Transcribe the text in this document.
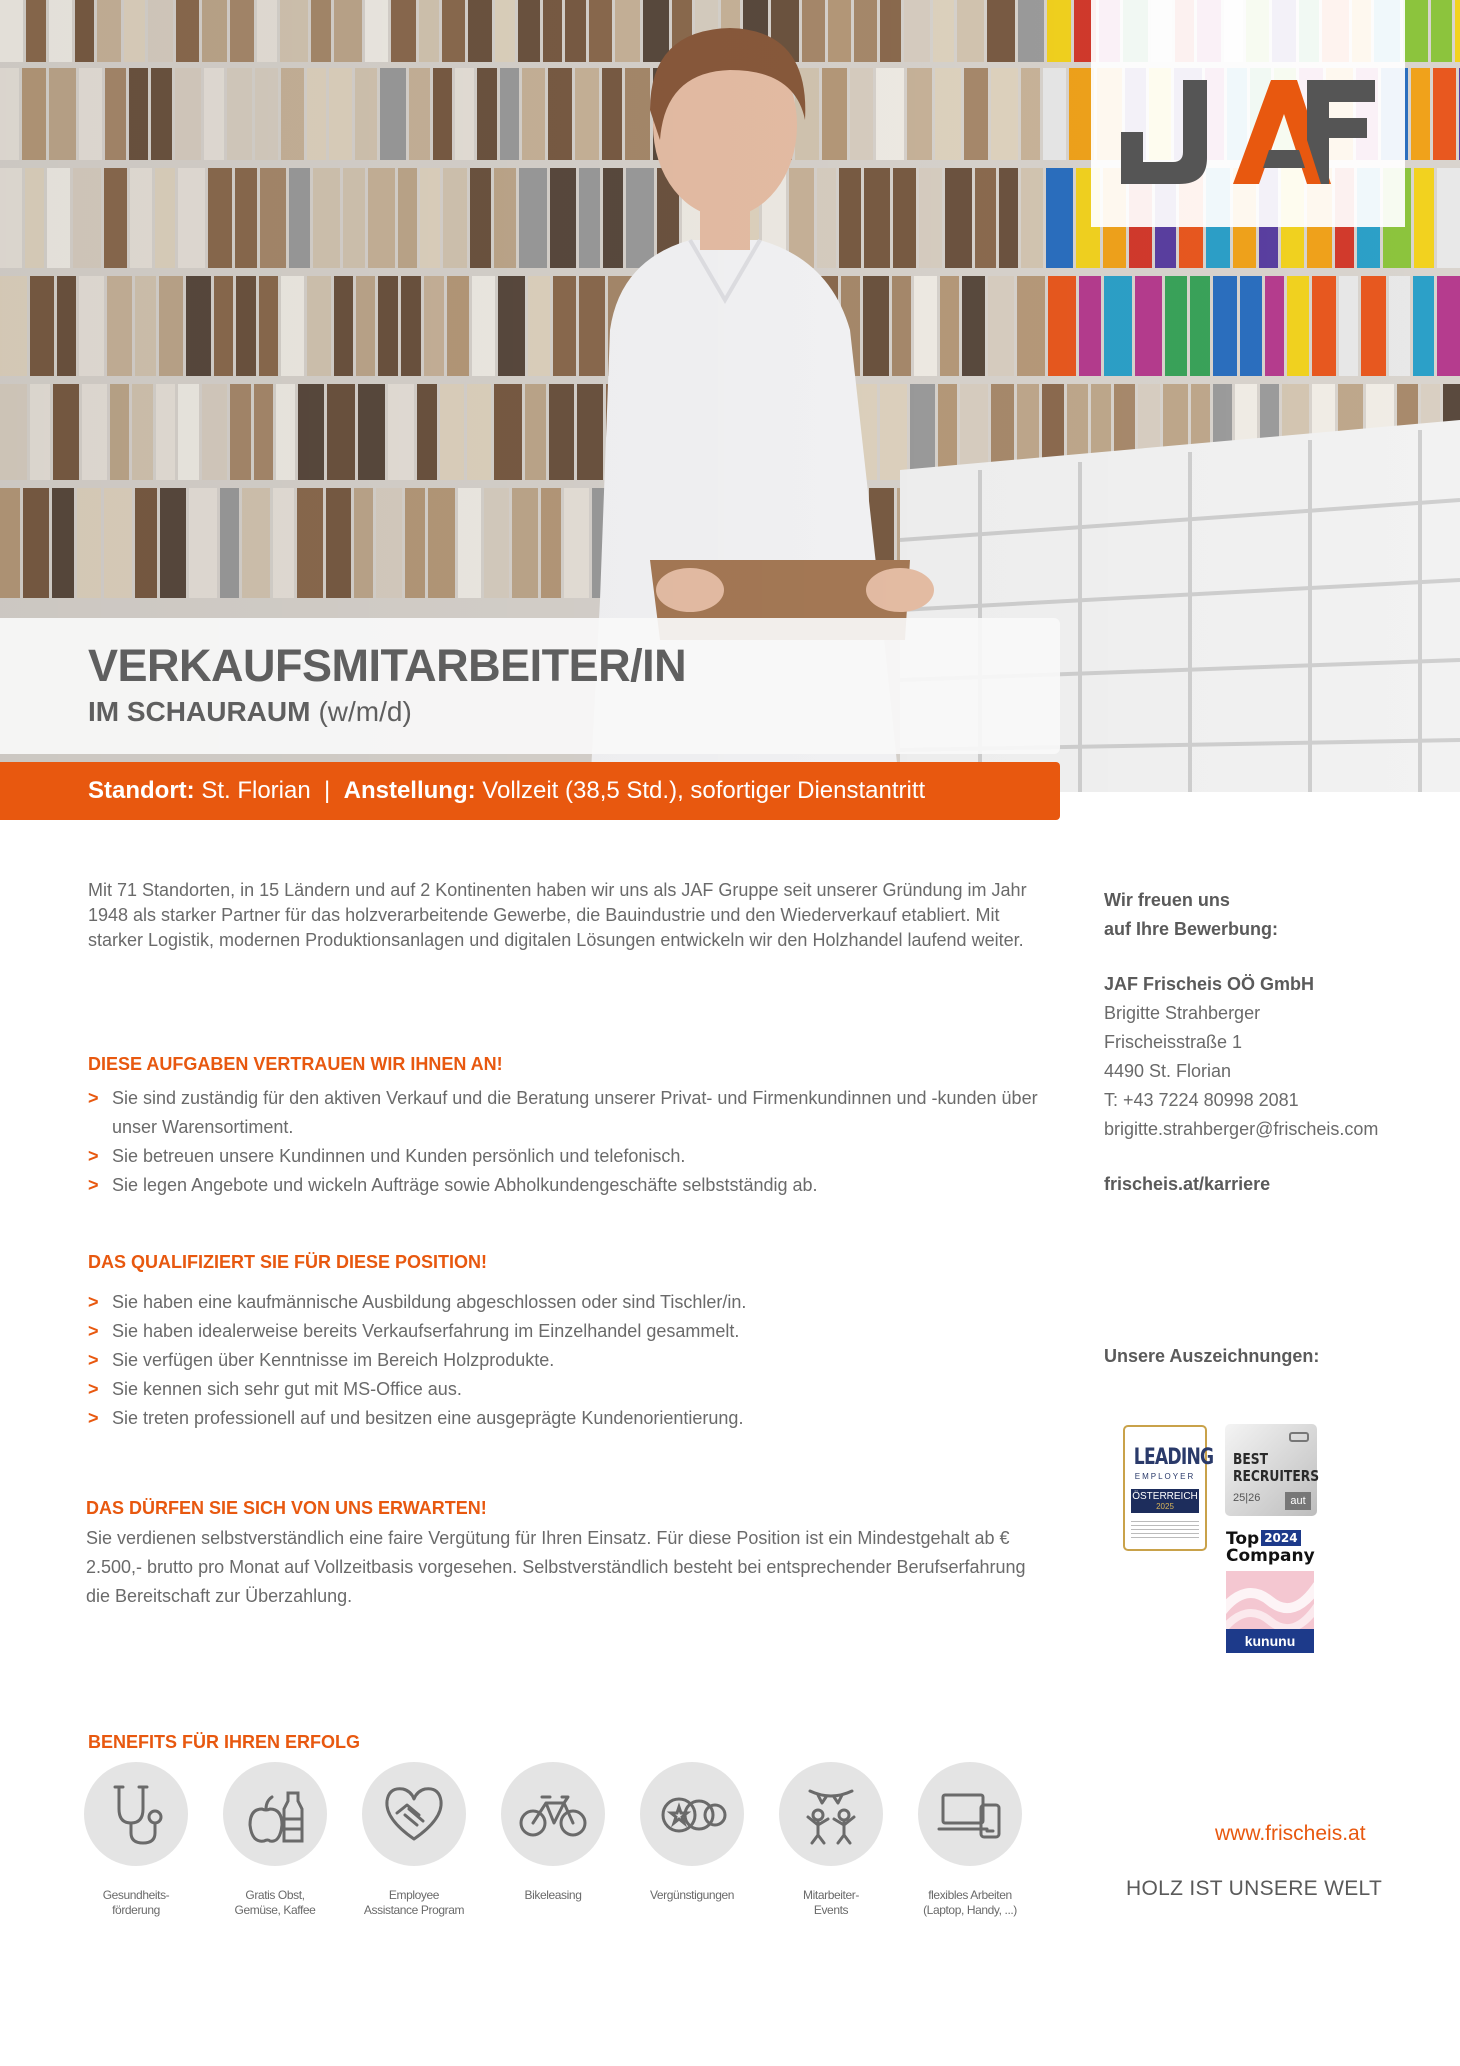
VERKAUFSMITARBEITER/IN
IM SCHAURAUM (w/m/d)
Standort: St. Florian | Anstellung: Vollzeit (38,5 Std.), sofortiger Dienstantritt

Mit 71 Standorten, in 15 Ländern und auf 2 Kontinenten haben wir uns als JAF Gruppe seit unserer Gründung im Jahr 1948 als starker Partner für das holzverarbeitende Gewerbe, die Bauindustrie und den Wiederverkauf etabliert. Mit starker Logistik, modernen Produktionsanlagen und digitalen Lösungen entwickeln wir den Holzhandel laufend weiter.

DIESE AUFGABEN VERTRAUEN WIR IHNEN AN!
> Sie sind zuständig für den aktiven Verkauf und die Beratung unserer Privat- und Firmenkundinnen und -kunden über unser Warensortiment.
> Sie betreuen unsere Kundinnen und Kunden persönlich und telefonisch.
> Sie legen Angebote und wickeln Aufträge sowie Abholkundengeschäfte selbstständig ab.
DAS QUALIFIZIERT SIE FÜR DIESE POSITION!
> Sie haben eine kaufmännische Ausbildung abgeschlossen oder sind Tischler/in.
> Sie haben idealerweise bereits Verkaufserfahrung im Einzelhandel gesammelt.
> Sie verfügen über Kenntnisse im Bereich Holzprodukte.
> Sie kennen sich sehr gut mit MS-Office aus.
> Sie treten professionell auf und besitzen eine ausgeprägte Kundenorientierung.
DAS DÜRFEN SIE SICH VON UNS ERWARTEN!

Sie verdienen selbstverständlich eine faire Vergütung für Ihren Einsatz. Für diese Position ist ein Mindestgehalt ab € 2.500,- brutto pro Monat auf Vollzeitbasis vorgesehen. Selbstverständlich besteht bei entsprechender Berufserfahrung die Bereitschaft zur Überzahlung.

Wir freuen uns
auf Ihre Bewerbung:
JAF Frischeis OÖ GmbH
Brigitte Strahberger
Frischeisstraße 1
4490 St. Florian
T: +43 7224 80998 2081
brigitte.strahberger@frischeis.com
frischeis.at/karriere
Unsere Auszeichnungen:
LEADING
EMPLOYER
ÖSTERREICH
2025
BEST
RECRUITERS
25|26	aut
Top 2024
Company
kununu
BENEFITS FÜR IHREN ERFOLG
Gesundheits-
förderung
Gratis Obst,
Gemüse, Kaffee
Employee
Assistance Program
Bikeleasing	Vergünstigungen	Mitarbeiter-
Events
flexibles Arbeiten
(Laptop, Handy, ...)
www.frischeis.at
HOLZ IST UNSERE WELT
